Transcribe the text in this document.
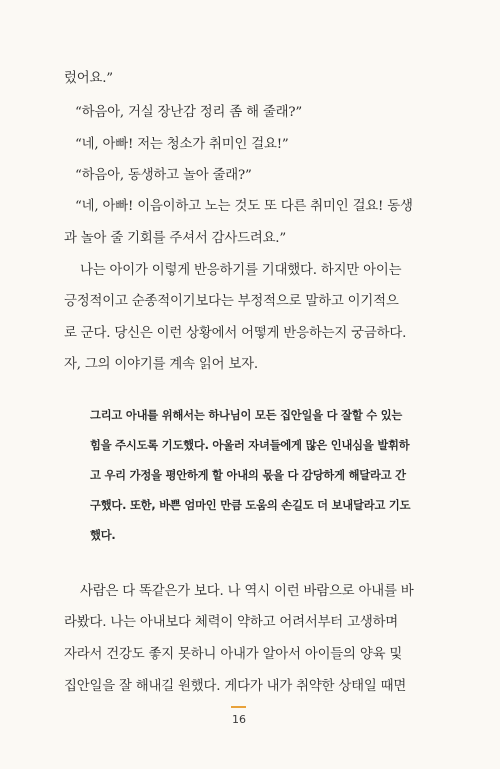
렀어요.”
“하음아, 거실 장난감 정리 좀 해 줄래?”
“네, 아빠! 저는 청소가 취미인 걸요!”
“하음아, 동생하고 놀아 줄래?”
“네, 아빠! 이음이하고 노는 것도 또 다른 취미인 걸요! 동생
과 놀아 줄 기회를 주셔서 감사드려요.”
나는 아이가 이렇게 반응하기를 기대했다. 하지만 아이는
긍정적이고 순종적이기보다는 부정적으로 말하고 이기적으
로 군다. 당신은 이런 상황에서 어떻게 반응하는지 궁금하다.
자, 그의 이야기를 계속 읽어 보자.
그리고 아내를 위해서는 하나님이 모든 집안일을 다 잘할 수 있는
힘을 주시도록 기도했다. 아울러 자녀들에게 많은 인내심을 발휘하
고 우리 가정을 평안하게 할 아내의 몫을 다 감당하게 해달라고 간
구했다. 또한, 바쁜 엄마인 만큼 도움의 손길도 더 보내달라고 기도
했다.
사람은 다 똑같은가 보다. 나 역시 이런 바람으로 아내를 바
라봤다. 나는 아내보다 체력이 약하고 어려서부터 고생하며
자라서 건강도 좋지 못하니 아내가 알아서 아이들의 양육 및
집안일을 잘 해내길 원했다. 게다가 내가 취약한 상태일 때면
16
